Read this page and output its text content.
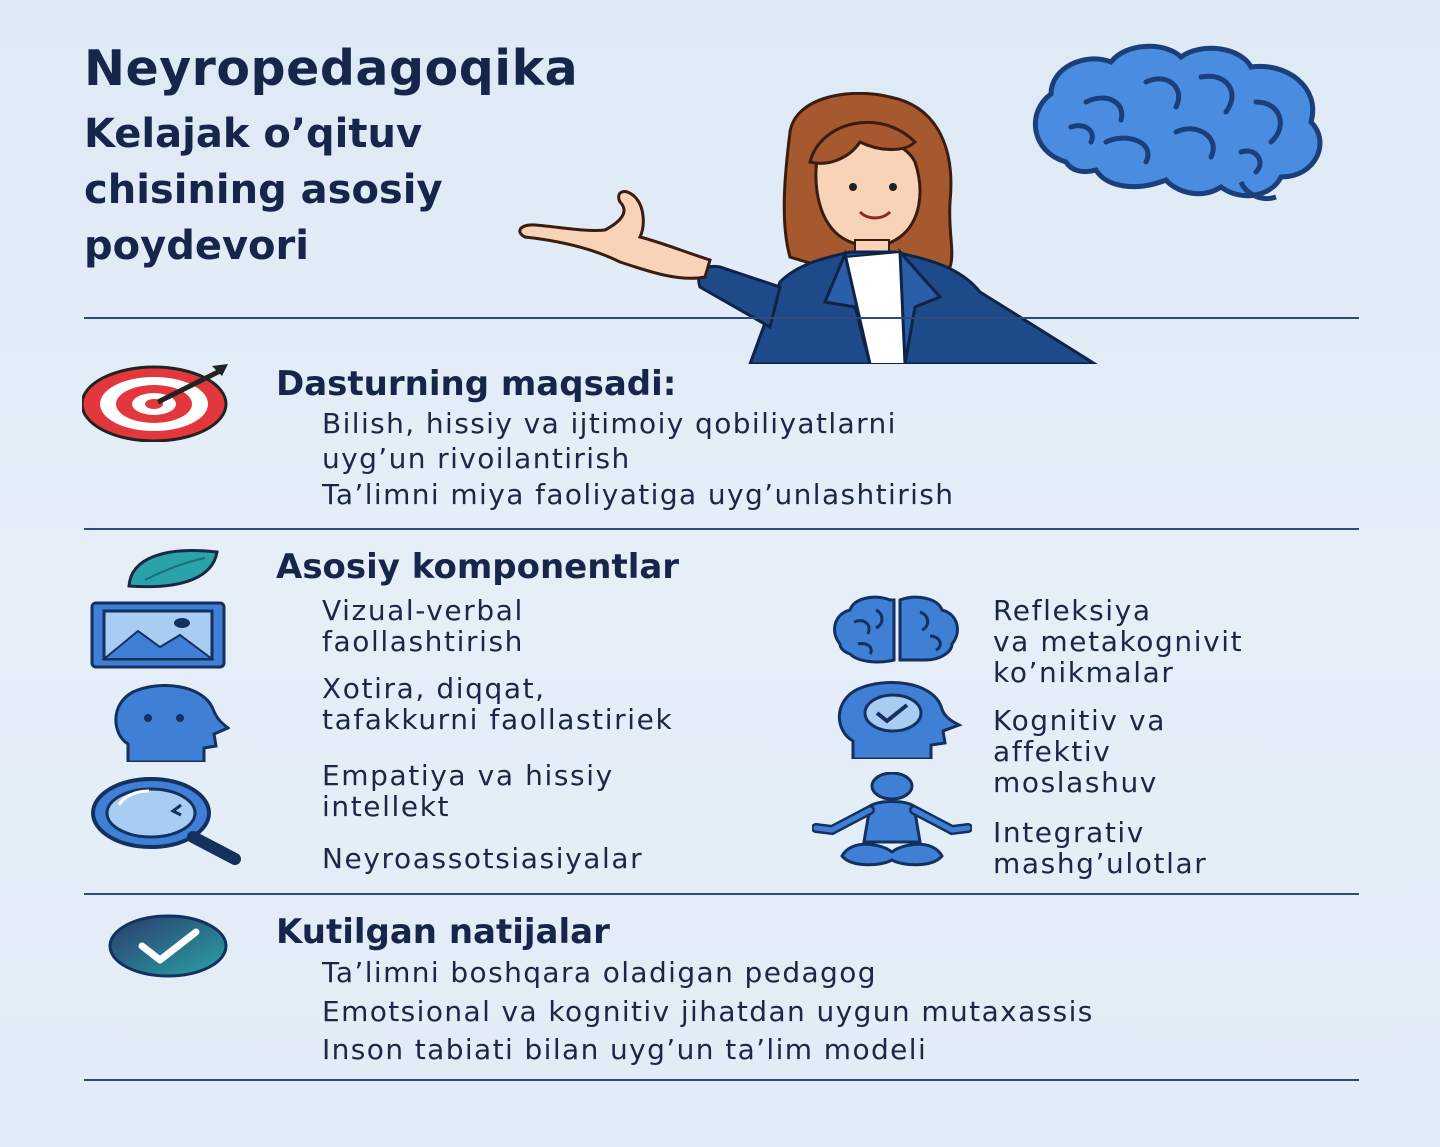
Neyropedagoqika
Kelajak o’qituv
chisining asosiy
poydevori
Dasturning maqsadi:
Bilish, hissiy va ijtimoiy qobiliyatlarni
uyg’un rivoilantirish
Ta’limni miya faoliyatiga uyg’unlashtirish
Asosiy komponentlar
Vizual-verbal
faollashtirish
Xotira, diqqat,
tafakkurni faollastiriek
Empatiya va hissiy
intellekt
Neyroassotsiasiyalar
Refleksiya
va metakognivit
ko’nikmalar
Kognitiv va
affektiv
moslashuv
Integrativ
mashg’ulotlar
Kutilgan natijalar
Ta’limni boshqara oladigan pedagog
Emotsional va kognitiv jihatdan uygun mutaxassis
Inson tabiati bilan uyg’un ta’lim modeli
